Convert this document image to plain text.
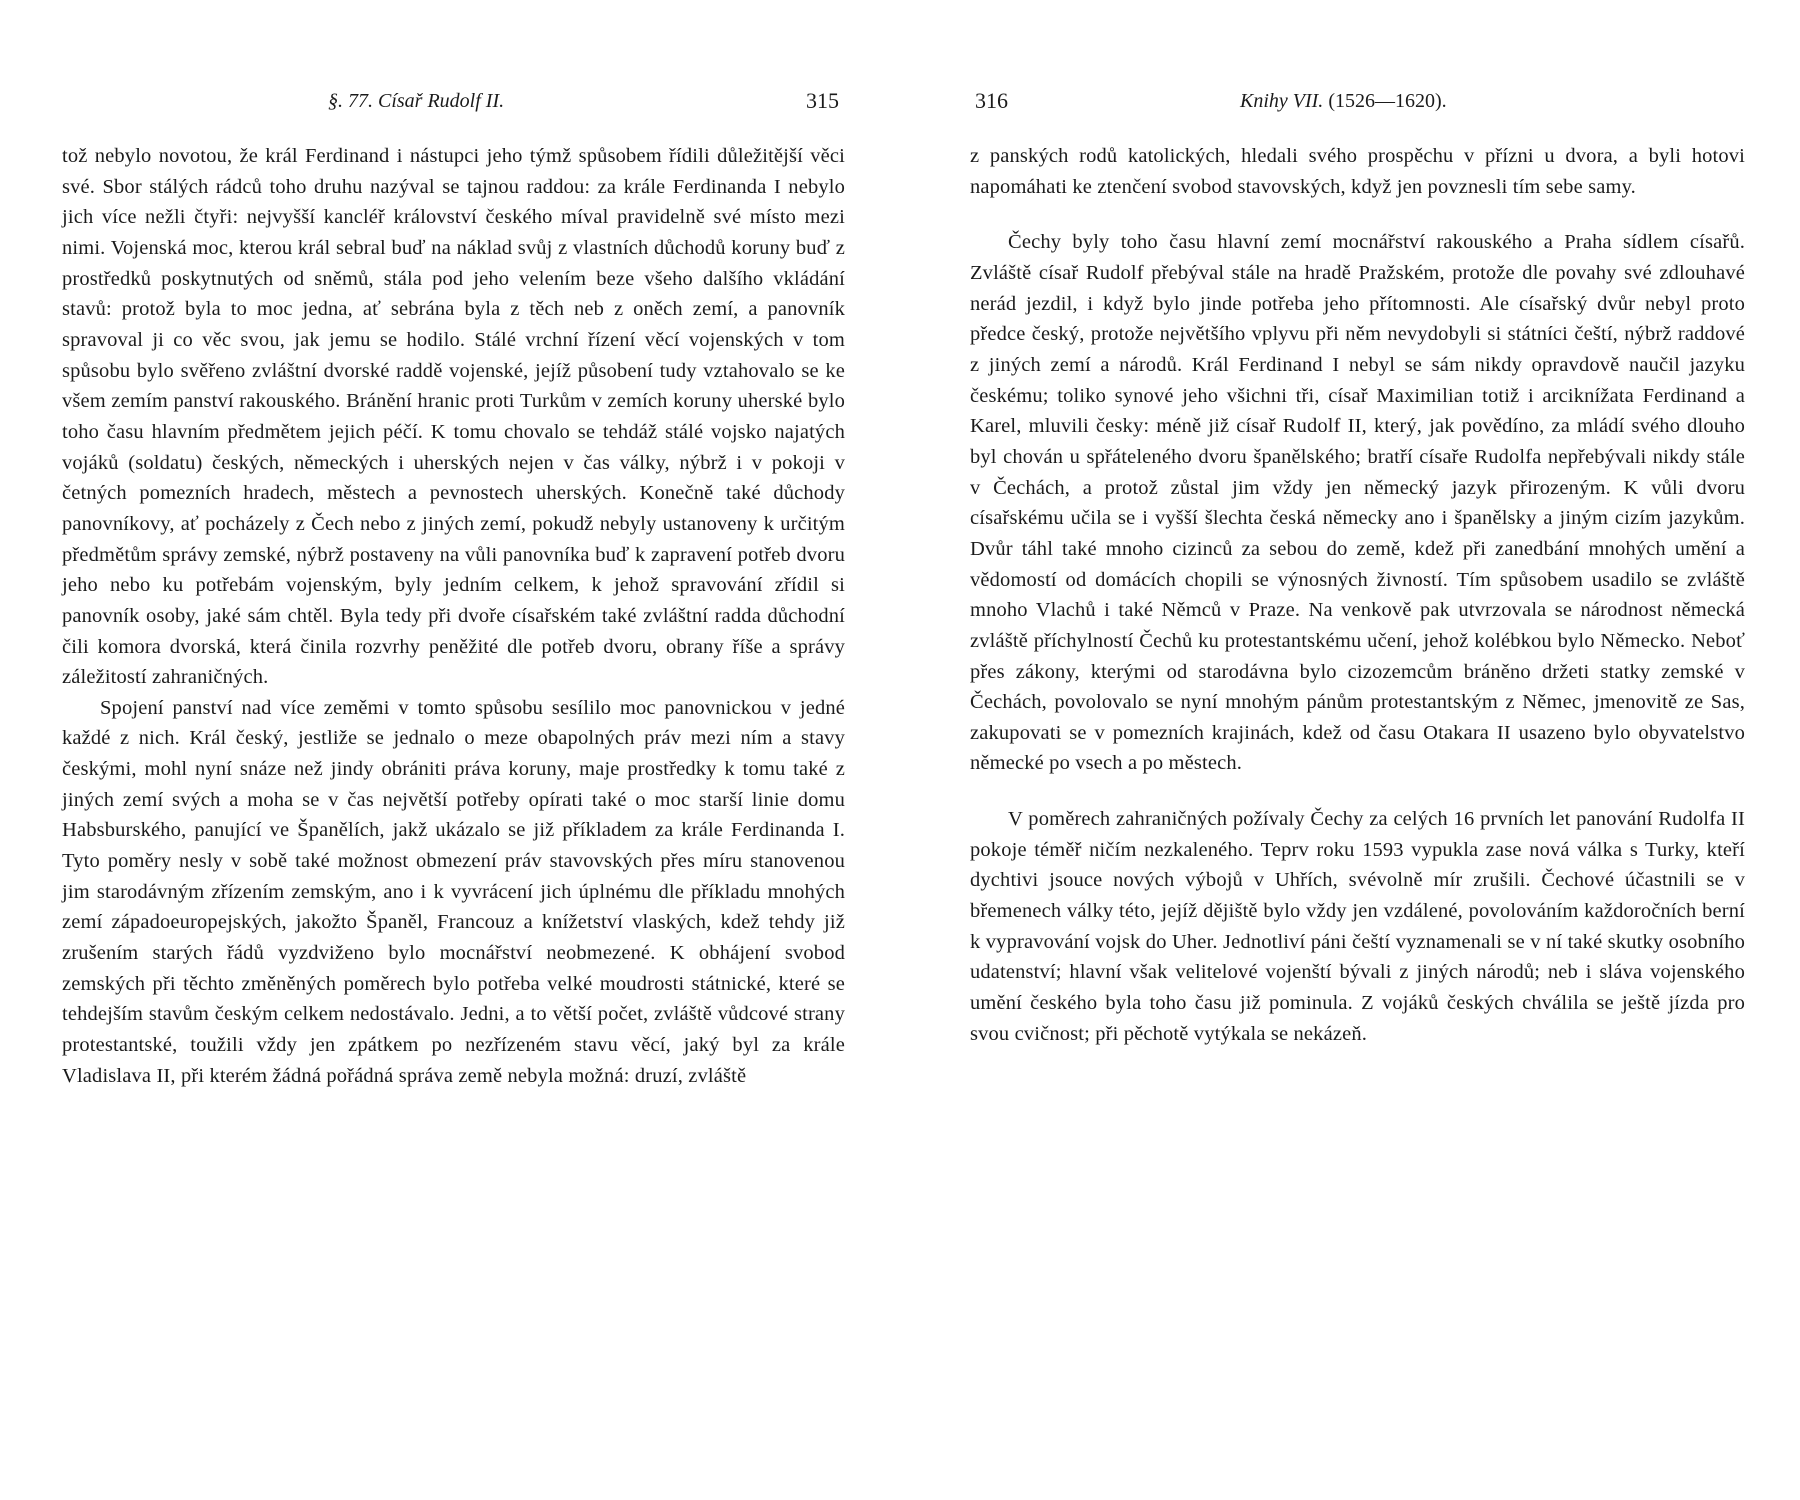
§. 77. Císař Rudolf II.	315

tož nebylo novotou, že král Ferdinand i nástupci jeho týmž spůsobem řídili důležitější věci své. Sbor stálých rádců toho druhu nazýval se tajnou raddou: za krále Ferdinanda I nebylo jich více nežli čtyři: nejvyšší kancléř království českého míval pravidelně své místo mezi nimi. Vojenská moc, kterou král sebral buď na náklad svůj z vlastních důchodů koruny buď z prostředků poskytnutých od sněmů, stála pod jeho velením beze všeho dalšího vkládání stavů: protož byla to moc jedna, ať sebrána byla z těch neb z oněch zemí, a panovník spravoval ji co věc svou, jak jemu se hodilo. Stálé vrchní řízení věcí vojenských v tom spůsobu bylo svěřeno zvláštní dvorské raddě vojenské, jejíž působení tudy vztahovalo se ke všem zemím panství rakouského. Bránění hranic proti Turkům v zemích koruny uherské bylo toho času hlavním předmětem jejich péčí. K tomu chovalo se tehdáž stálé vojsko najatých vojáků (soldatu) českých, německých i uherských nejen v čas války, nýbrž i v pokoji v četných pomezních hradech, městech a pevnostech uherských. Konečně také důchody panovníkovy, ať pocházely z Čech nebo z jiných zemí, pokudž nebyly ustanoveny k určitým předmětům správy zemské, nýbrž postaveny na vůli panovníka buď k zapravení potřeb dvoru jeho nebo ku potřebám vojenským, byly jedním celkem, k jehož spravování zřídil si panovník osoby, jaké sám chtěl. Byla tedy při dvoře císařském také zvláštní radda důchodní čili komora dvorská, která činila rozvrhy peněžité dle potřeb dvoru, obrany říše a správy záležitostí zahraničných.

Spojení panství nad více zeměmi v tomto spůsobu sesílilo moc panovnickou v jedné každé z nich. Král český, jestliže se jednalo o meze obapolných práv mezi ním a stavy českými, mohl nyní snáze než jindy obrániti práva koruny, maje prostředky k tomu také z jiných zemí svých a moha se v čas největší potřeby opírati také o moc starší linie domu Habsburského, panující ve Španělích, jakž ukázalo se již příkladem za krále Ferdinanda I. Tyto poměry nesly v sobě také možnost obmezení práv stavovských přes míru stanovenou jim starodávným zřízením zemským, ano i k vyvrácení jich úplnému dle příkladu mnohých zemí západoeuropejských, jakožto Španěl, Francouz a knížetství vlaských, kdež tehdy již zrušením starých řádů vyzdviženo bylo mocnářství neobmezené. K obhájení svobod zemských při těchto změněných poměrech bylo potřeba velké moudrosti státnické, které se tehdejším stavům českým celkem nedostávalo. Jedni, a to větší počet, zvláště vůdcové strany protestantské, toužili vždy jen zpátkem po nezřízeném stavu věcí, jaký byl za krále Vladislava II, při kterém žádná pořádná správa země nebyla možná: druzí, zvláště

316	Knihy VII. (1526—1620).

z panských rodů katolických, hledali svého prospěchu v přízni u dvora, a byli hotovi napomáhati ke ztenčení svobod stavovských, když jen povznesli tím sebe samy.

Čechy byly toho času hlavní zemí mocnářství rakouského a Praha sídlem císařů. Zvláště císař Rudolf přebýval stále na hradě Pražském, protože dle povahy své zdlouhavé nerád jezdil, i když bylo jinde potřeba jeho přítomnosti. Ale císařský dvůr nebyl proto předce český, protože největšího vplyvu při něm nevydobyli si státníci čeští, nýbrž raddové z jiných zemí a národů. Král Ferdinand I nebyl se sám nikdy opravdově naučil jazyku českému; toliko synové jeho všichni tři, císař Maximilian totiž i arciknížata Ferdinand a Karel, mluvili česky: méně již císař Rudolf II, který, jak povědíno, za mládí svého dlouho byl chován u spřáteleného dvoru španělského; bratří císaře Rudolfa nepřebývali nikdy stále v Čechách, a protož zůstal jim vždy jen německý jazyk přirozeným. K vůli dvoru císařskému učila se i vyšší šlechta česká německy ano i španělsky a jiným cizím jazykům. Dvůr táhl také mnoho cizinců za sebou do země, kdež při zanedbání mnohých umění a vědomostí od domácích chopili se výnosných živností. Tím spůsobem usadilo se zvláště mnoho Vlachů i také Němců v Praze. Na venkově pak utvrzovala se národnost německá zvláště příchylností Čechů ku protestantskému učení, jehož kolébkou bylo Německo. Neboť přes zákony, kterými od starodávna bylo cizozemcům bráněno držeti statky zemské v Čechách, povolovalo se nyní mnohým pánům protestantským z Němec, jmenovitě ze Sas, zakupovati se v pomezních krajinách, kdež od času Otakara II usazeno bylo obyvatelstvo německé po vsech a po městech.

V poměrech zahraničných požívaly Čechy za celých 16 prvních let panování Rudolfa II pokoje téměř ničím nezkaleného. Teprv roku 1593 vypukla zase nová válka s Turky, kteří dychtivi jsouce nových výbojů v Uhřích, svévolně mír zrušili. Čechové účastnili se v břemenech války této, jejíž dějiště bylo vždy jen vzdálené, povolováním každoročních berní k vypravování vojsk do Uher. Jednotliví páni čeští vyznamenali se v ní také skutky osobního udatenství; hlavní však velitelové vojenští bývali z jiných národů; neb i sláva vojenského umění českého byla toho času již pominula. Z vojáků českých chválila se ještě jízda pro svou cvičnost; při pěchotě vytýkala se nekázeň.
